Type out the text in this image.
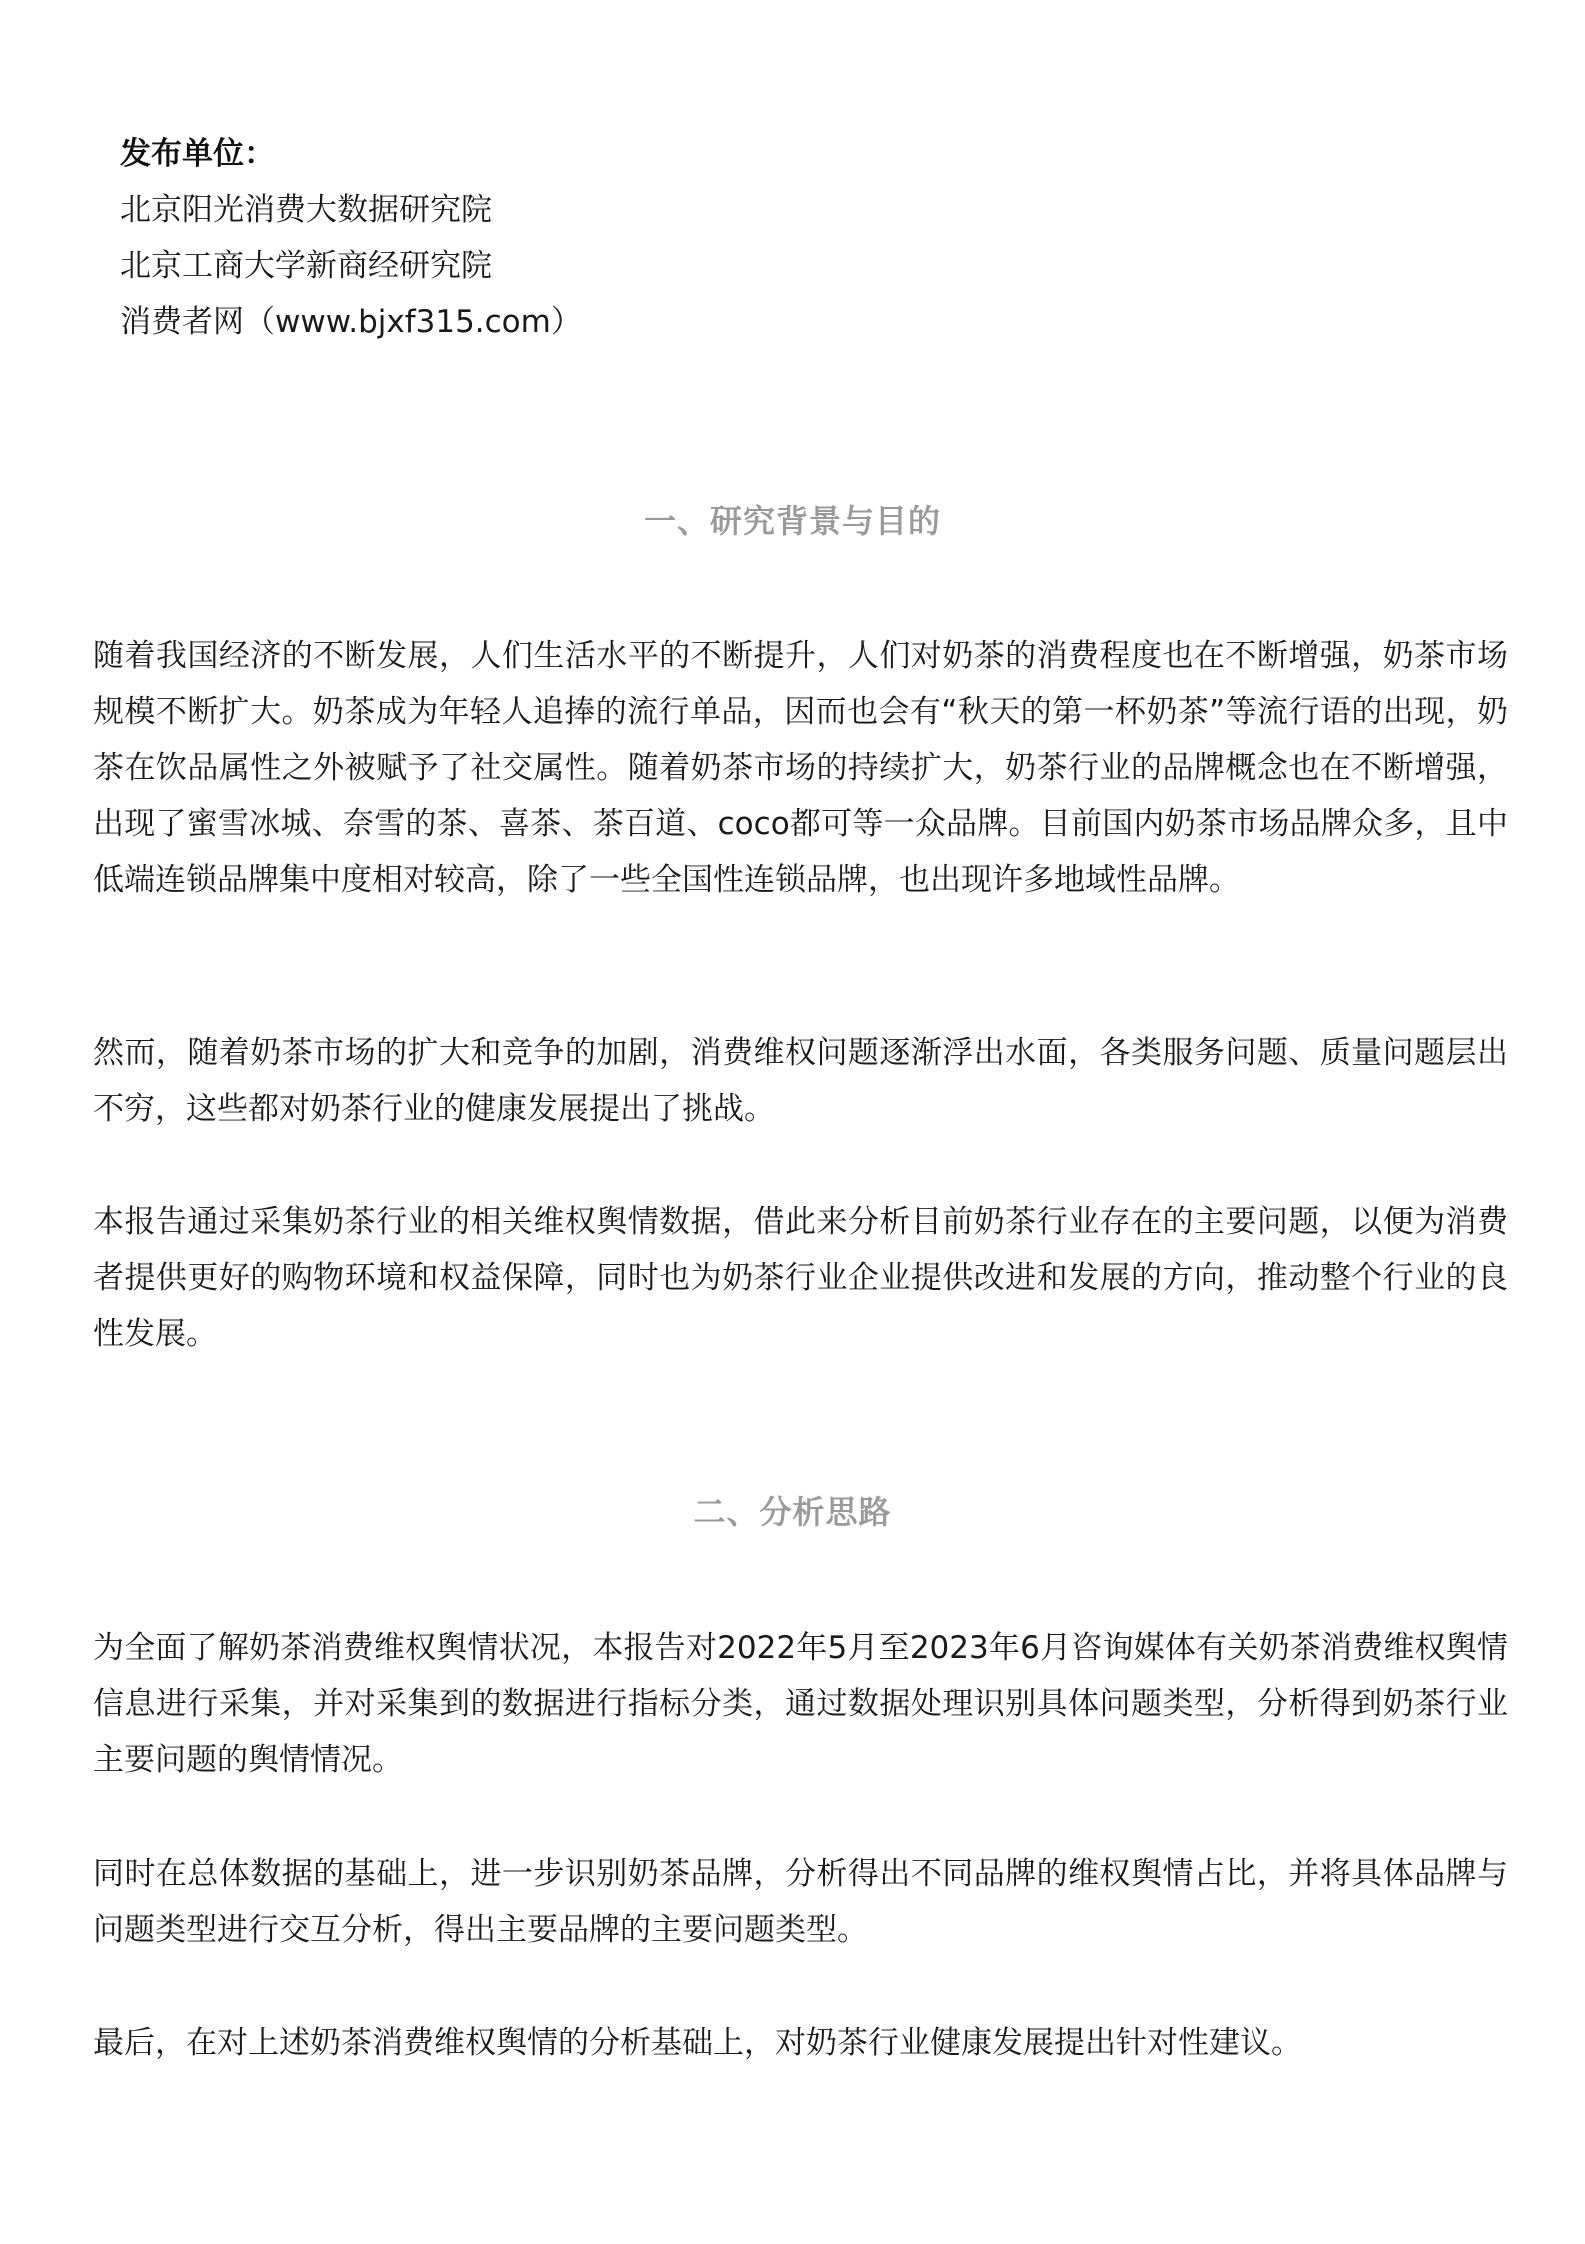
发布单位：
北京阳光消费大数据研究院
北京工商大学新商经研究院
消费者网（www.bjxf315.com）
一、研究背景与目的

随着我国经济的不断发展，人们生活水平的不断提升，人们对奶茶的消费程度也在不断增强，奶茶市场规模不断扩大。奶茶成为年轻人追捧的流行单品，因而也会有“秋天的第一杯奶茶”等流行语的出现，奶茶在饮品属性之外被赋予了社交属性。随着奶茶市场的持续扩大，奶茶行业的品牌概念也在不断增强，出现了蜜雪冰城、奈雪的茶、喜茶、茶百道、coco都可等一众品牌。目前国内奶茶市场品牌众多，且中低端连锁品牌集中度相对较高，除了一些全国性连锁品牌，也出现许多地域性品牌。

然而，随着奶茶市场的扩大和竞争的加剧，消费维权问题逐渐浮出水面，各类服务问题、质量问题层出不穷，这些都对奶茶行业的健康发展提出了挑战。

本报告通过采集奶茶行业的相关维权舆情数据，借此来分析目前奶茶行业存在的主要问题，以便为消费者提供更好的购物环境和权益保障，同时也为奶茶行业企业提供改进和发展的方向，推动整个行业的良性发展。

二、分析思路

为全面了解奶茶消费维权舆情状况，本报告对2022年5月至2023年6月咨询媒体有关奶茶消费维权舆情信息进行采集，并对采集到的数据进行指标分类，通过数据处理识别具体问题类型，分析得到奶茶行业主要问题的舆情情况。

同时在总体数据的基础上，进一步识别奶茶品牌，分析得出不同品牌的维权舆情占比，并将具体品牌与问题类型进行交互分析，得出主要品牌的主要问题类型。

最后，在对上述奶茶消费维权舆情的分析基础上，对奶茶行业健康发展提出针对性建议。
